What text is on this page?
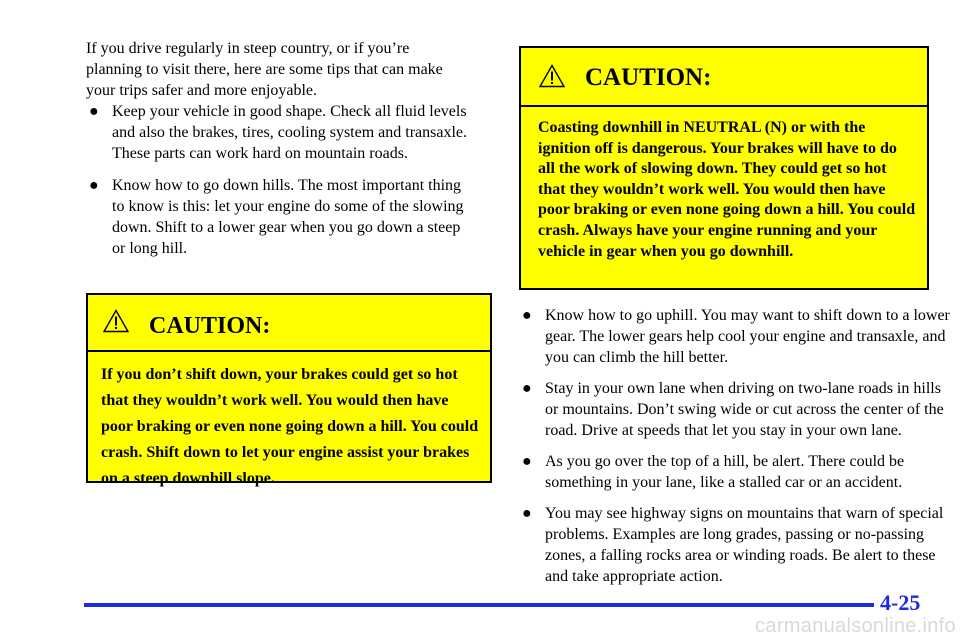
If you drive regularly in steep country, or if you’re planning to visit there, here are some tips that can make your trips safer and more enjoyable.

● Keep your vehicle in good shape. Check all fluid levels and also the brakes, tires, cooling system and transaxle. These parts can work hard on mountain roads.
● Know how to go down hills. The most important thing to know is this: let your engine do some of the slowing down. Shift to a lower gear when you go down a steep or long hill.
CAUTION:
If you don’t shift down, your brakes could get so hot that they wouldn’t work well. You would then have poor braking or even none going down a hill. You could crash. Shift down to let your engine assist your brakes on a steep downhill slope.
CAUTION:
Coasting downhill in NEUTRAL (N) or with the ignition off is dangerous. Your brakes will have to do all the work of slowing down. They could get so hot that they wouldn’t work well. You would then have poor braking or even none going down a hill. You could crash. Always have your engine running and your vehicle in gear when you go downhill.
● Know how to go uphill. You may want to shift down to a lower gear. The lower gears help cool your engine and transaxle, and you can climb the hill better.
● Stay in your own lane when driving on two-lane roads in hills or mountains. Don’t swing wide or cut across the center of the road. Drive at speeds that let you stay in your own lane.
● As you go over the top of a hill, be alert. There could be something in your lane, like a stalled car or an accident.
● You may see highway signs on mountains that warn of special problems. Examples are long grades, passing or no-passing zones, a falling rocks area or winding roads. Be alert to these and take appropriate action.
4-25
carmanualsonline.info
